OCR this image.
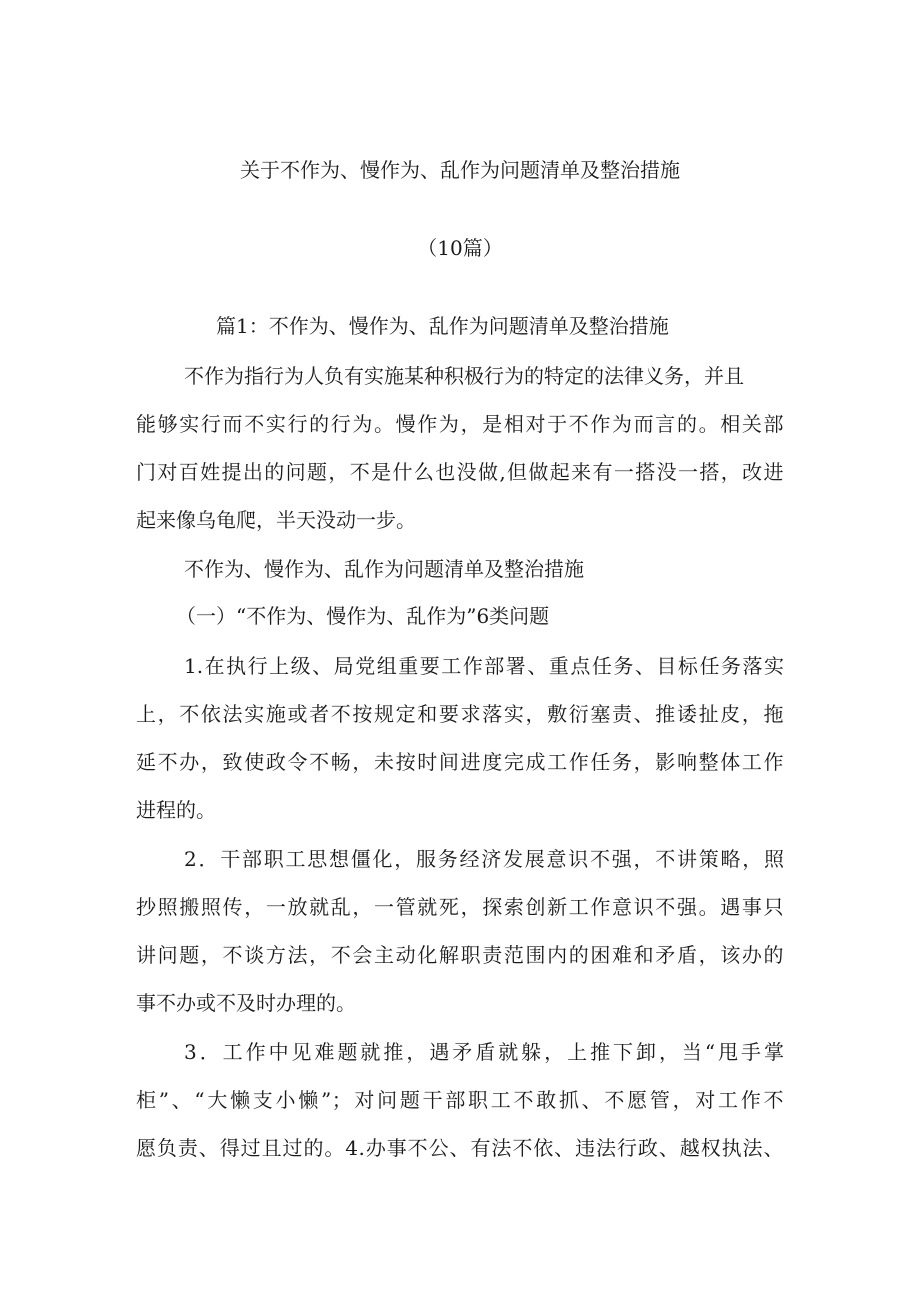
关于不作为、慢作为、乱作为问题清单及整治措施
（10篇）
篇1：不作为、慢作为、乱作为问题清单及整治措施
不作为指行为人负有实施某种积极行为的特定的法律义务，并且
能够实行而不实行的行为。慢作为，是相对于不作为而言的。相关部
门对百姓提出的问题，不是什么也没做,但做起来有一搭没一搭，改进
起来像乌龟爬，半天没动一步。
不作为、慢作为、乱作为问题清单及整治措施
（一）“不作为、慢作为、乱作为”6类问题
1.在执行上级、局党组重要工作部署、重点任务、目标任务落实
上，不依法实施或者不按规定和要求落实，敷衍塞责、推诿扯皮，拖
延不办，致使政令不畅，未按时间进度完成工作任务，影响整体工作
进程的。
2．干部职工思想僵化，服务经济发展意识不强，不讲策略，照
抄照搬照传，一放就乱，一管就死，探索创新工作意识不强。遇事只
讲问题，不谈方法，不会主动化解职责范围内的困难和矛盾，该办的
事不办或不及时办理的。
3．工作中见难题就推，遇矛盾就躲，上推下卸，当“甩手掌
柜”、“大懒支小懒”；对问题干部职工不敢抓、不愿管，对工作不
愿负责、得过且过的。4.办事不公、有法不依、违法行政、越权执法、
